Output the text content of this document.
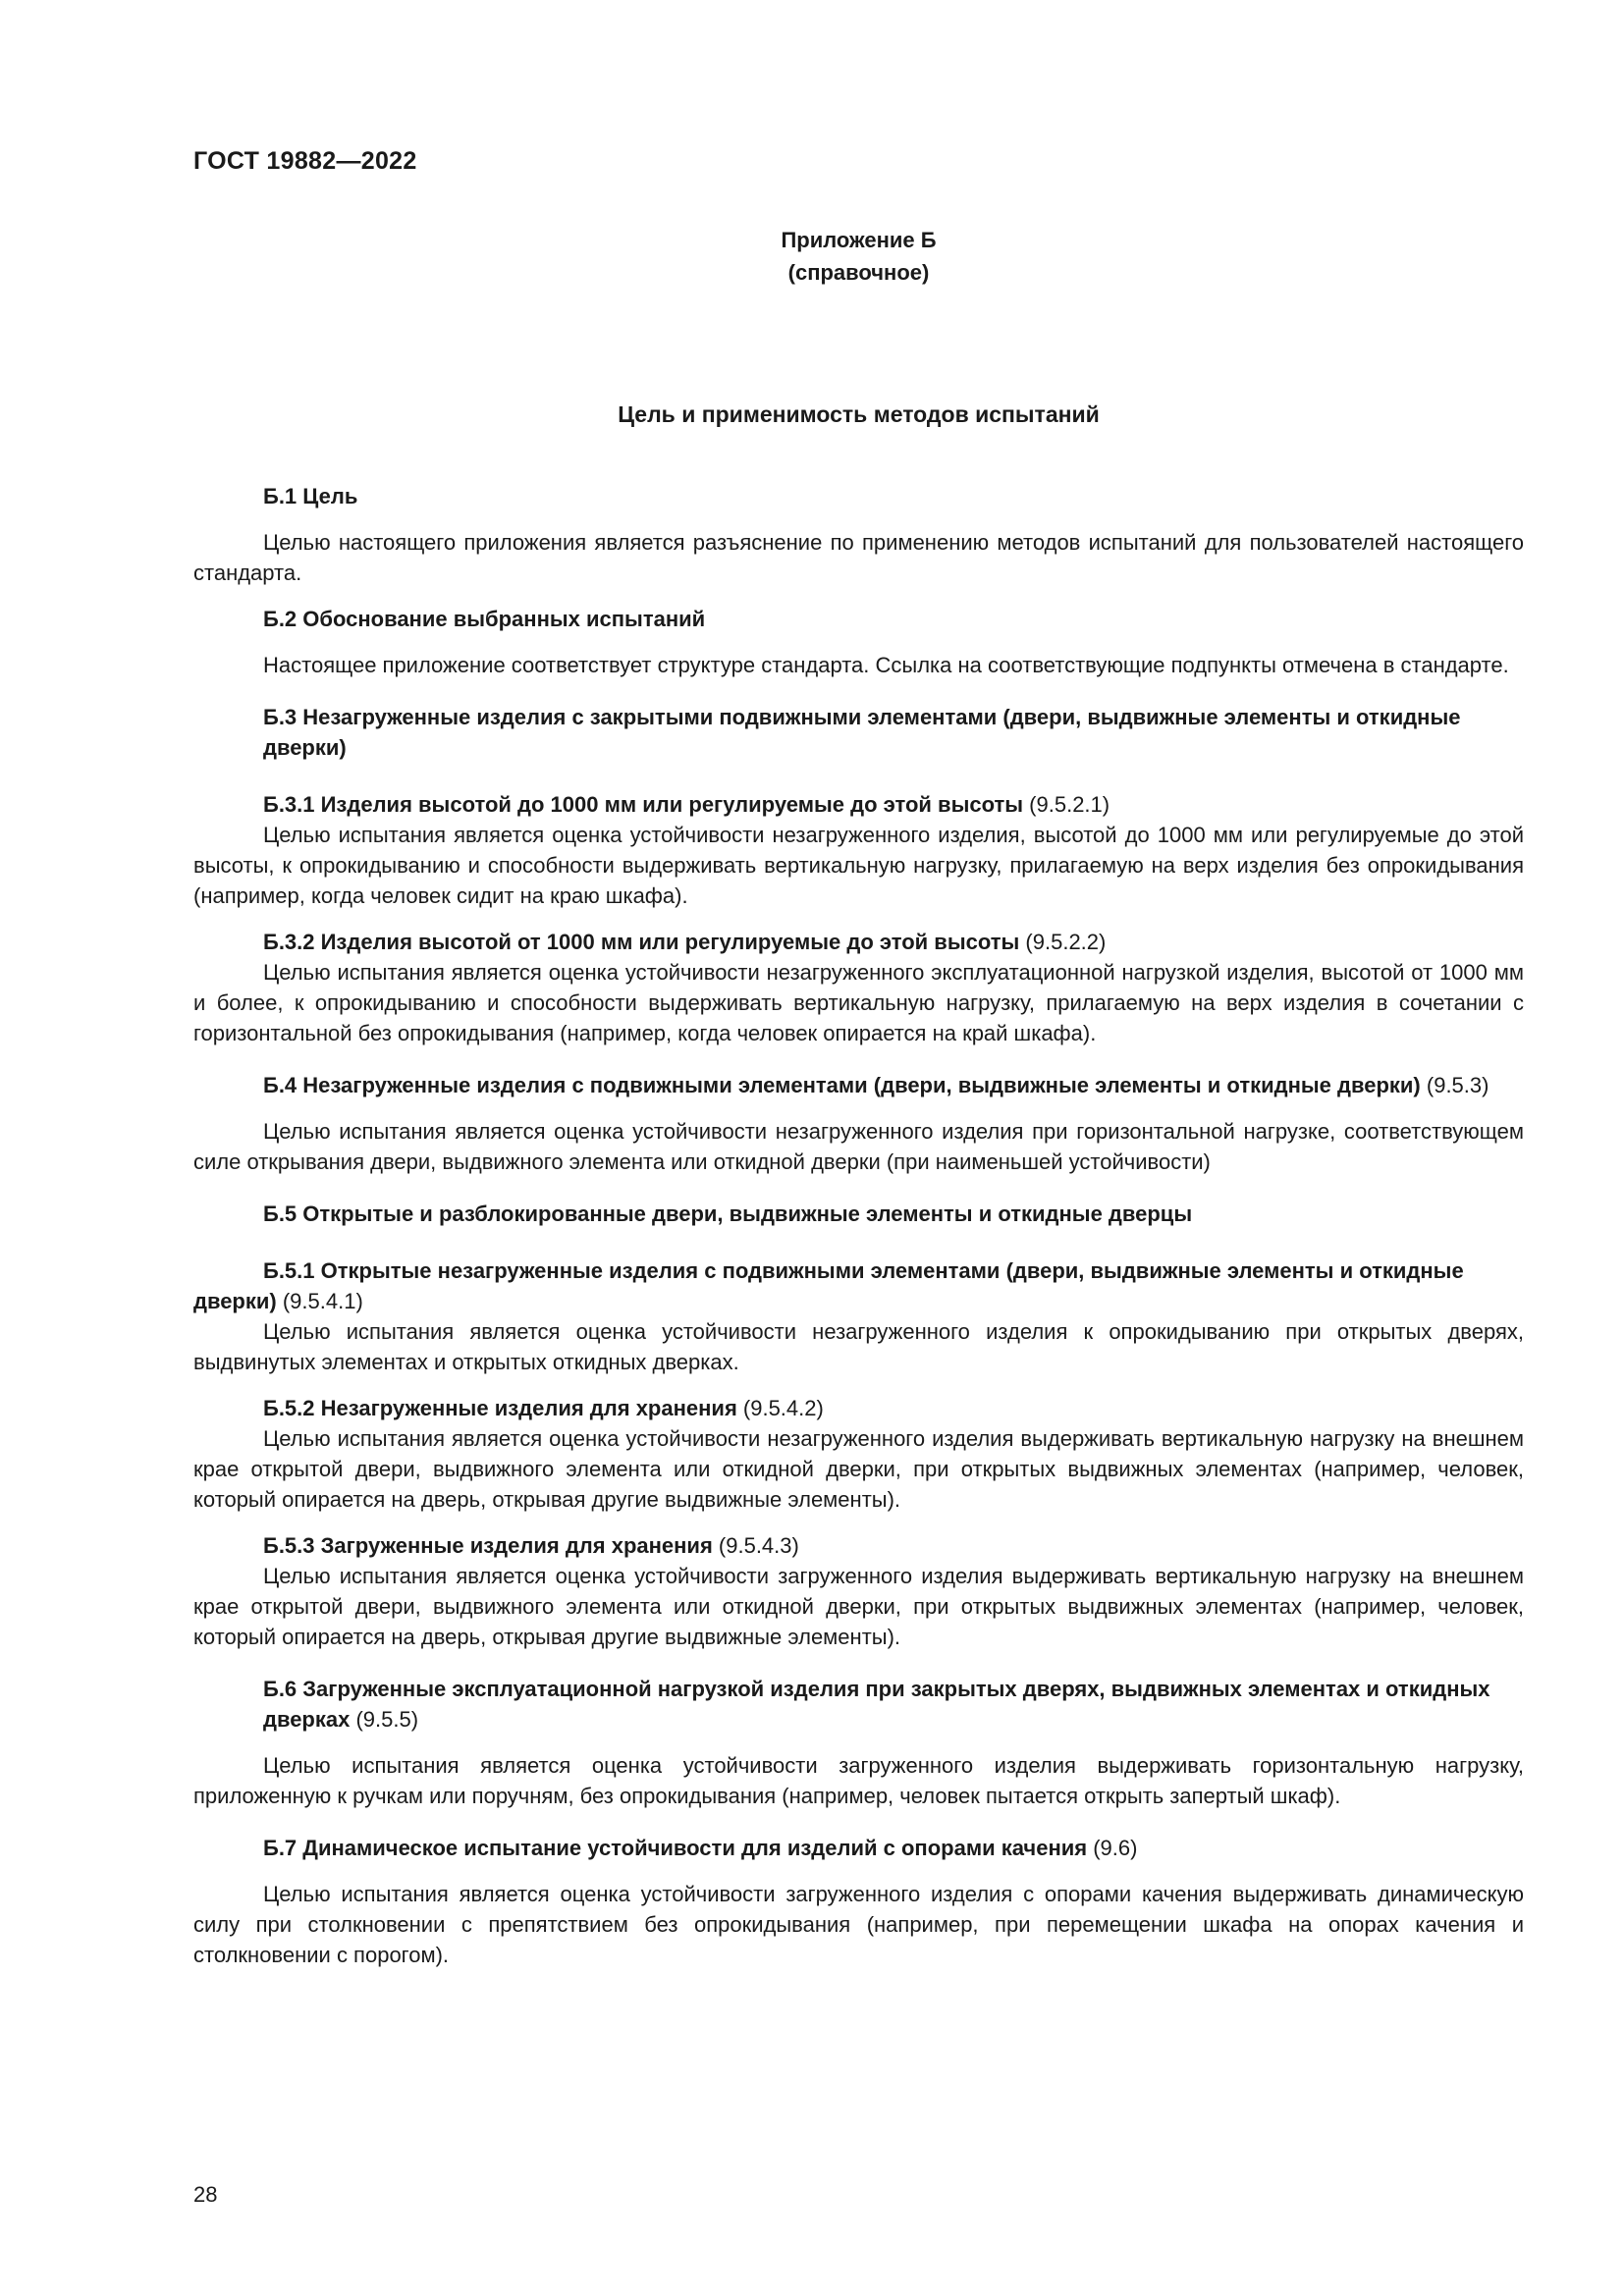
ГОСТ 19882—2022
Приложение Б
(справочное)
Цель и применимость методов испытаний

Б.1 Цель

Целью настоящего приложения является разъяснение по применению методов испытаний для пользователей настоящего стандарта.

Б.2 Обоснование выбранных испытаний

Настоящее приложение соответствует структуре стандарта. Ссылка на соответствующие подпункты отмечена в стандарте.

Б.3 Незагруженные изделия с закрытыми подвижными элементами (двери, выдвижные элементы и откидные дверки)

Б.3.1 Изделия высотой до 1000 мм или регулируемые до этой высоты (9.5.2.1)

Целью испытания является оценка устойчивости незагруженного изделия, высотой до 1000 мм или регулируемые до этой высоты, к опрокидыванию и способности выдерживать вертикальную нагрузку, прилагаемую на верх изделия без опрокидывания (например, когда человек сидит на краю шкафа).

Б.3.2 Изделия высотой от 1000 мм или регулируемые до этой высоты (9.5.2.2)

Целью испытания является оценка устойчивости незагруженного эксплуатационной нагрузкой изделия, высотой от 1000 мм и более, к опрокидыванию и способности выдерживать вертикальную нагрузку, прилагаемую на верх изделия в сочетании с горизонтальной без опрокидывания (например, когда человек опирается на край шкафа).

Б.4 Незагруженные изделия с подвижными элементами (двери, выдвижные элементы и откидные дверки) (9.5.3)

Целью испытания является оценка устойчивости незагруженного изделия при горизонтальной нагрузке, соответствующем силе открывания двери, выдвижного элемента или откидной дверки (при наименьшей устойчивости)

Б.5 Открытые и разблокированные двери, выдвижные элементы и откидные дверцы

Б.5.1 Открытые незагруженные изделия с подвижными элементами (двери, выдвижные элементы и откидные дверки) (9.5.4.1)

Целью испытания является оценка устойчивости незагруженного изделия к опрокидыванию при открытых дверях, выдвинутых элементах и открытых откидных дверках.

Б.5.2 Незагруженные изделия для хранения (9.5.4.2)

Целью испытания является оценка устойчивости незагруженного изделия выдерживать вертикальную нагрузку на внешнем крае открытой двери, выдвижного элемента или откидной дверки, при открытых выдвижных элементах (например, человек, который опирается на дверь, открывая другие выдвижные элементы).

Б.5.3 Загруженные изделия для хранения (9.5.4.3)

Целью испытания является оценка устойчивости загруженного изделия выдерживать вертикальную нагрузку на внешнем крае открытой двери, выдвижного элемента или откидной дверки, при открытых выдвижных элементах (например, человек, который опирается на дверь, открывая другие выдвижные элементы).

Б.6 Загруженные эксплуатационной нагрузкой изделия при закрытых дверях, выдвижных элементах и откидных дверках (9.5.5)

Целью испытания является оценка устойчивости загруженного изделия выдерживать горизонтальную нагрузку, приложенную к ручкам или поручням, без опрокидывания (например, человек пытается открыть запертый шкаф).

Б.7 Динамическое испытание устойчивости для изделий с опорами качения (9.6)

Целью испытания является оценка устойчивости загруженного изделия с опорами качения выдерживать динамическую силу при столкновении с препятствием без опрокидывания (например, при перемещении шкафа на опорах качения и столкновении с порогом).

28
